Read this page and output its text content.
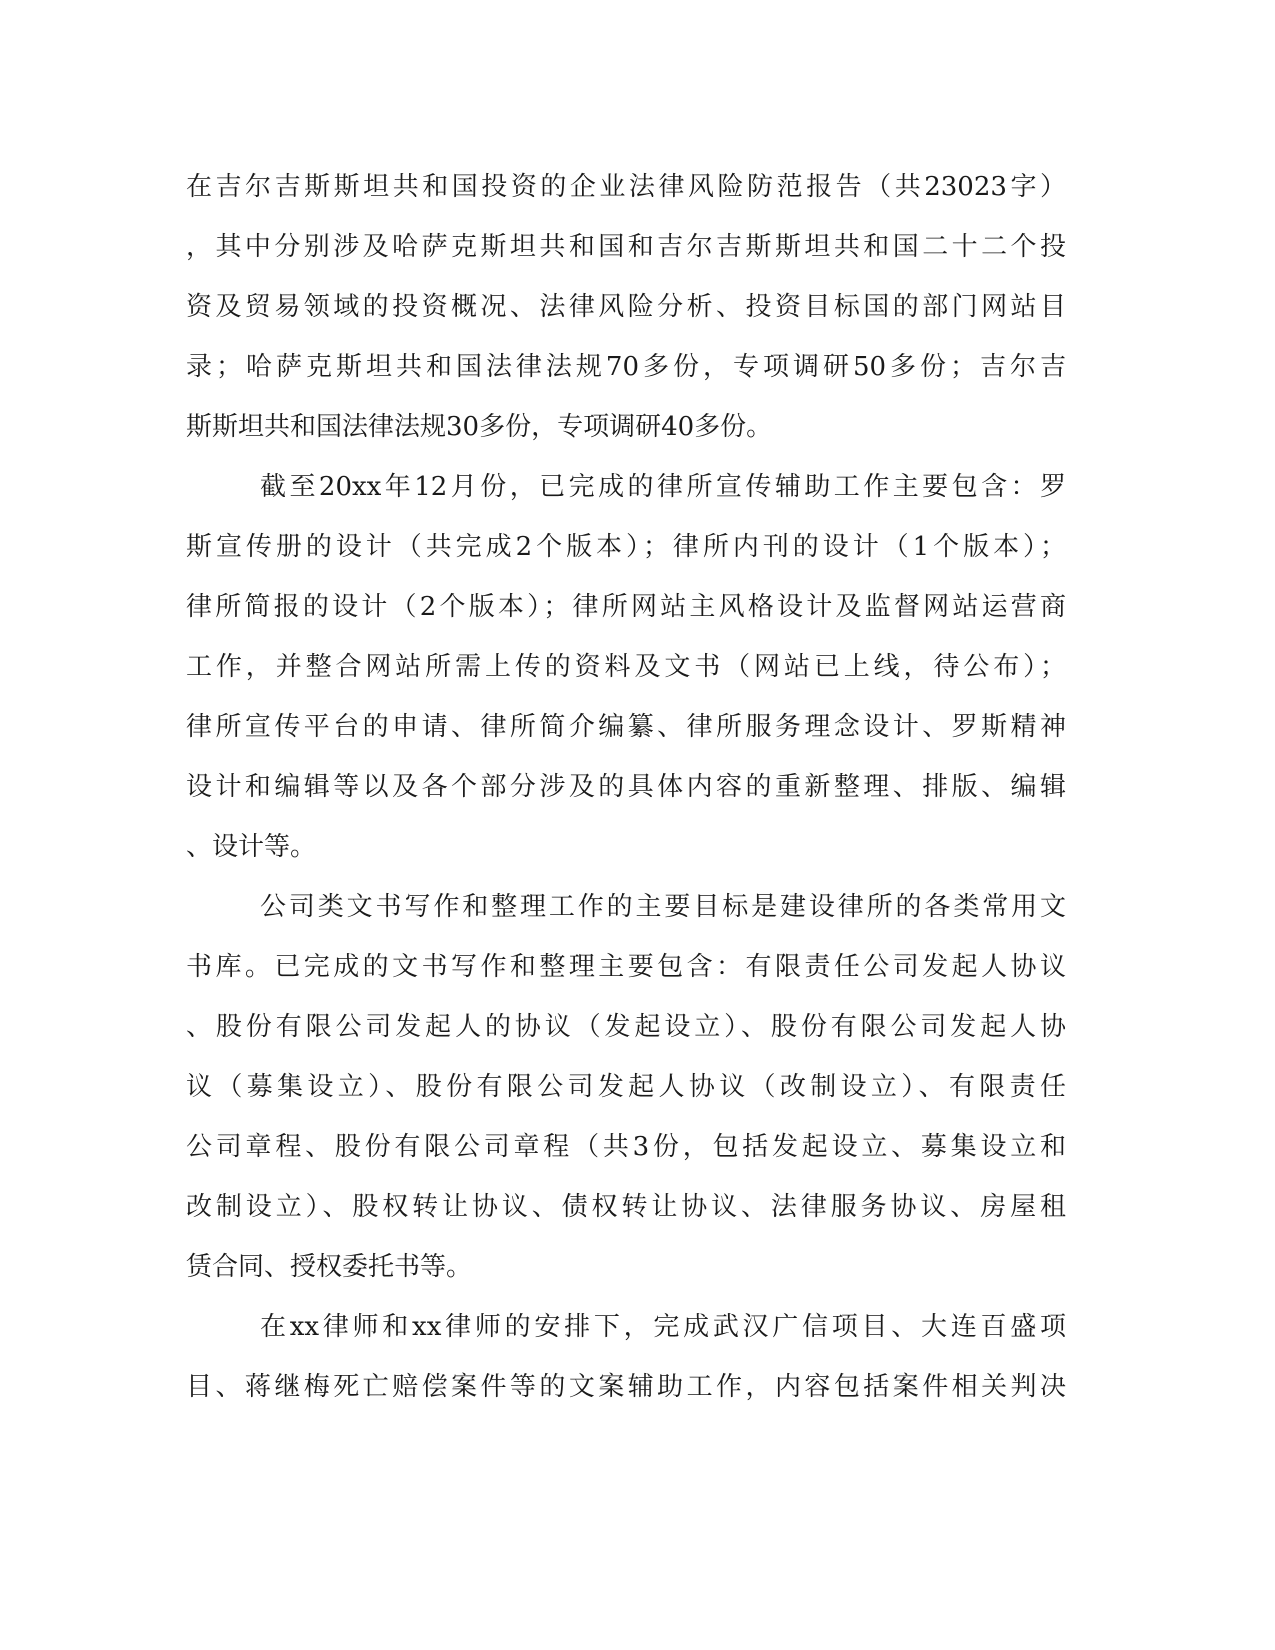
在吉尔吉斯斯坦共和国投资的企业法律风险防范报告（共23023字）
，其中分别涉及哈萨克斯坦共和国和吉尔吉斯斯坦共和国二十二个投
资及贸易领域的投资概况、法律风险分析、投资目标国的部门网站目
录；哈萨克斯坦共和国法律法规70多份，专项调研50多份；吉尔吉
斯斯坦共和国法律法规30多份，专项调研40多份。
截至20xx年12月份，已完成的律所宣传辅助工作主要包含：罗
斯宣传册的设计（共完成2个版本）；律所内刊的设计（1个版本）；
律所简报的设计（2个版本）；律所网站主风格设计及监督网站运营商
工作，并整合网站所需上传的资料及文书（网站已上线，待公布）；
律所宣传平台的申请、律所简介编纂、律所服务理念设计、罗斯精神
设计和编辑等以及各个部分涉及的具体内容的重新整理、排版、编辑
、设计等。
公司类文书写作和整理工作的主要目标是建设律所的各类常用文
书库。已完成的文书写作和整理主要包含：有限责任公司发起人协议
、股份有限公司发起人的协议（发起设立）、股份有限公司发起人协
议（募集设立）、股份有限公司发起人协议（改制设立）、有限责任
公司章程、股份有限公司章程（共3份，包括发起设立、募集设立和
改制设立）、股权转让协议、债权转让协议、法律服务协议、房屋租
赁合同、授权委托书等。
在xx律师和xx律师的安排下，完成武汉广信项目、大连百盛项
目、蒋继梅死亡赔偿案件等的文案辅助工作，内容包括案件相关判决
